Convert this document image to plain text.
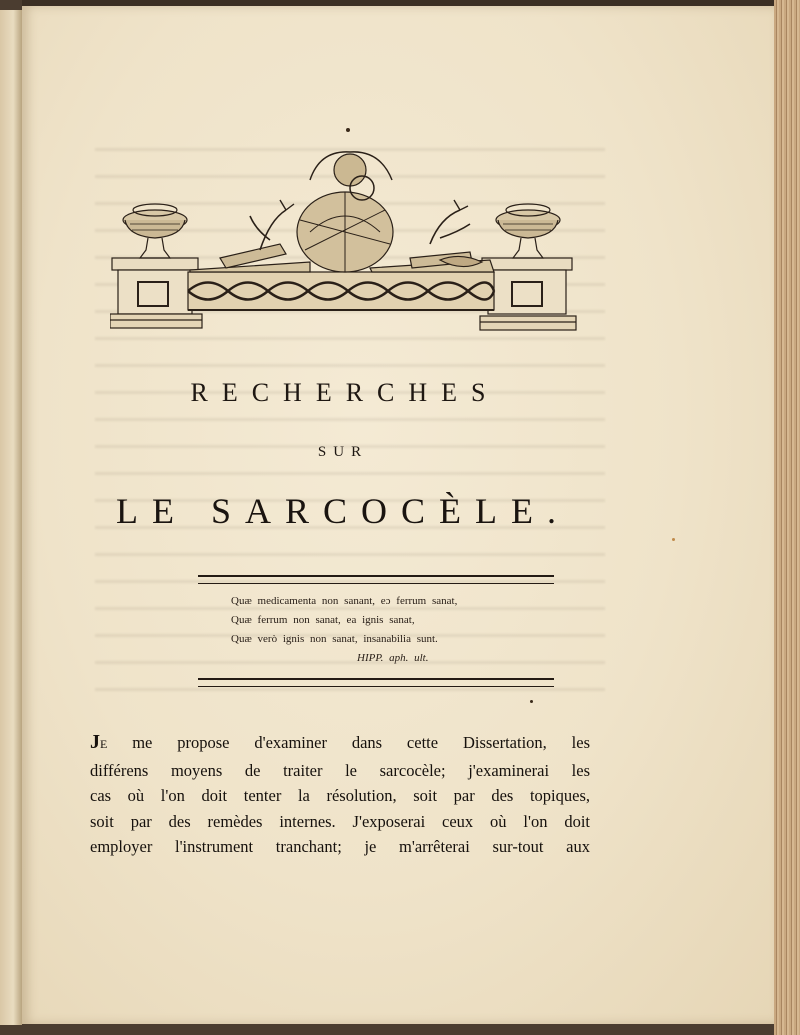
RECHERCHES
SUR
LE SARCOCÈLE.
Quæ medicamenta non sanant, eɔ ferrum sanat,
Quæ ferrum non sanat, ea ignis sanat,
Quæ verò ignis non sanat, insanabilia sunt.
HIPP. aph. ult.
JE me propose d'examiner dans cette Dissertation, les
différens moyens de traiter le sarcocèle; j'examinerai les
cas où l'on doit tenter la résolution, soit par des topiques,
soit par des remèdes internes. J'exposerai ceux où l'on doit
employer l'instrument tranchant; je m'arrêterai sur-tout aux
